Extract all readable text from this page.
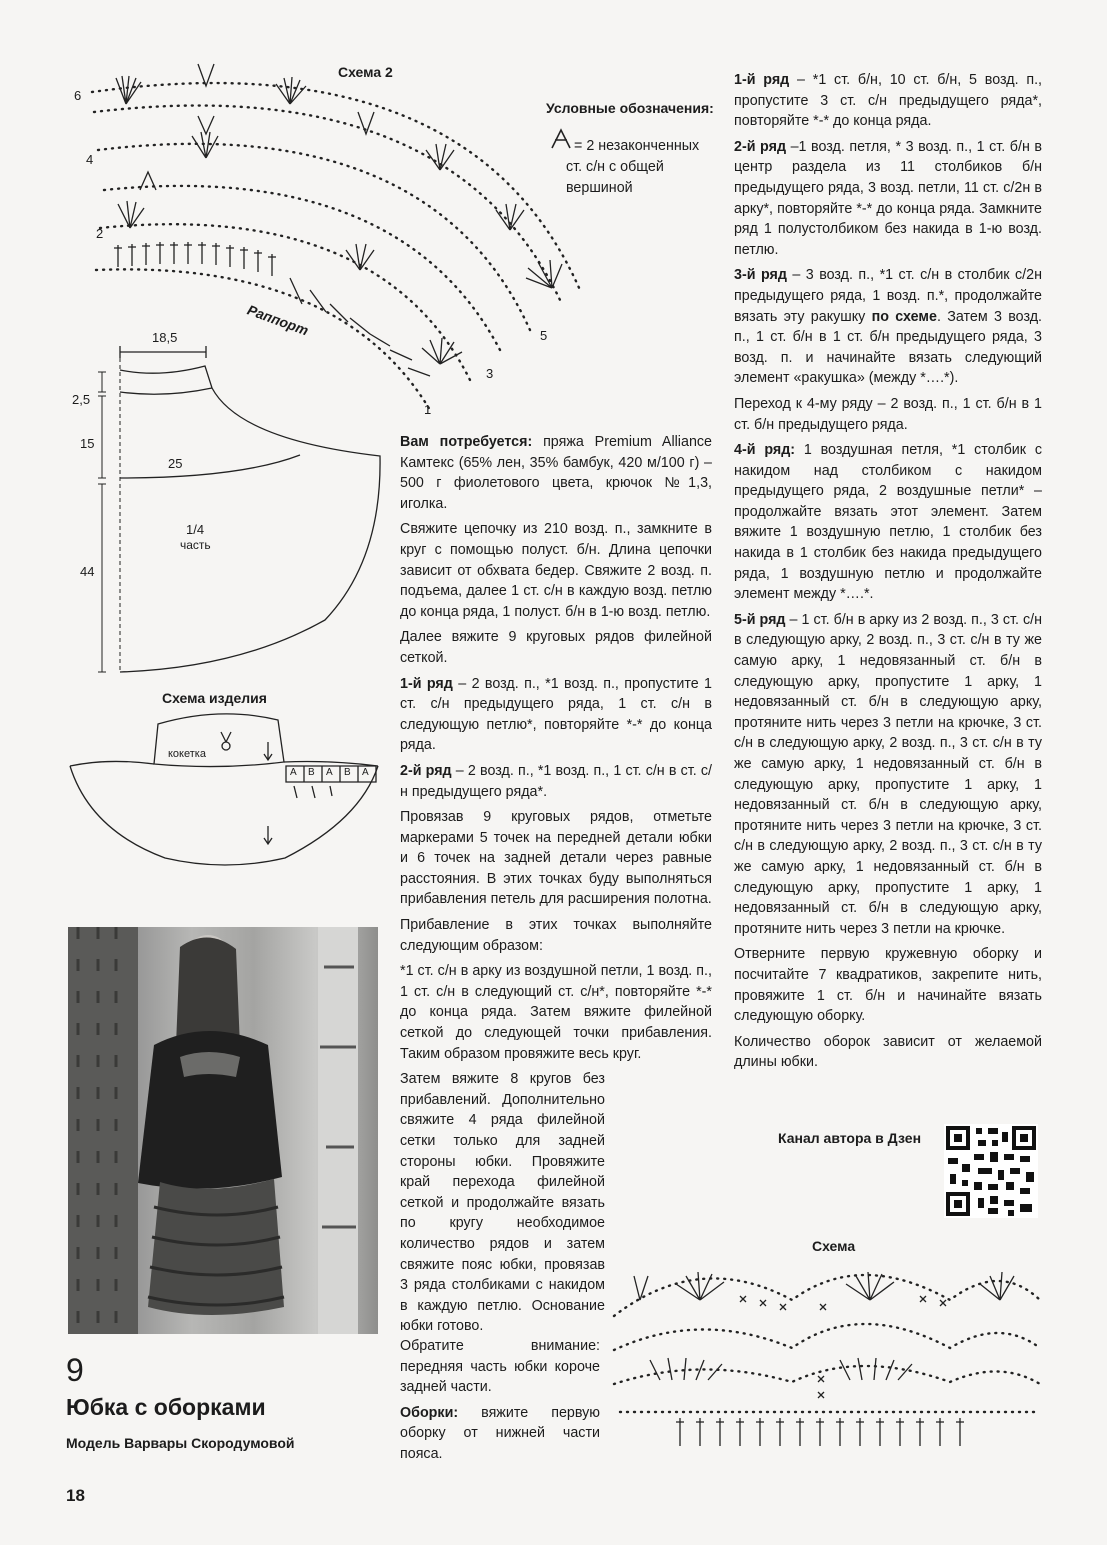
Схема 2
6
4
2
5
3
1
Раппорт
Условные обозначения:
= 2 незаконченных ст. с/н с общей вершиной
18,5
2,5
15
25
44
1/4
часть
Схема изделия
кокетка
A B A B A
9
Юбка с оборками
Модель Варвары Скородумовой
18

Вам потребуется: пряжа Premium Alliance Камтекс (65% лен, 35% бамбук, 420 м/100 г) – 500 г фиолетового цвета, крючок №1,3, иголка.

Свяжите цепочку из 210 возд. п., замкните в круг с помощью полуст. б/н. Длина цепочки зависит от обхвата бедер. Свяжите 2 возд. п. подъема, далее 1 ст. с/н в каждую возд. петлю до конца ряда, 1 полуст. б/н в 1-ю возд. петлю.

Далее вяжите 9 круговых рядов филейной сеткой.

1-й ряд – 2 возд. п., *1 возд. п., пропустите 1 ст. с/н предыдущего ряда, 1 ст. с/н в следующую петлю*, повторяйте *-* до конца ряда.

2-й ряд – 2 возд. п., *1 возд. п., 1 ст. с/н в ст. с/н предыдущего ряда*.

Провязав 9 круговых рядов, отметьте маркерами 5 точек на передней детали юбки и 6 точек на задней детали через равные расстояния. В этих точках буду выполняться прибавления петель для расширения полотна.

Прибавление в этих точках выполняйте следующим образом:

*1 ст. с/н в арку из воздушной петли, 1 возд. п., 1 ст. с/н в следующий ст. с/н*, повторяйте *-* до конца ряда. Затем вяжите филейной сеткой до следующей точки прибавления. Таким образом провяжите весь круг.

Затем вяжите 8 кругов без прибавлений. Дополнительно свяжите 4 ряда филейной сетки только для задней стороны юбки. Провяжите край перехода филейной сеткой и продолжайте вязать по кругу необходимое количество рядов и затем свяжите пояс юбки, провязав 3 ряда столбиками с накидом в каждую петлю. Основание юбки готово.

Обратите внимание: передняя часть юбки короче задней части.

Оборки: вяжите первую оборку от нижней части пояса.

1-й ряд – *1 ст. б/н, 10 ст. б/н, 5 возд. п., пропустите 3 ст. с/н предыдущего ряда*, повторяйте *-* до конца ряда.

2-й ряд –1 возд. петля, * 3 возд. п., 1 ст. б/н в центр раздела из 11 столбиков б/н предыдущего ряда, 3 возд. петли, 11 ст. с/2н в арку*, повторяйте *-* до конца ряда. Замкните ряд 1 полустолбиком без накида в 1-ю возд. петлю.

3-й ряд – 3 возд. п., *1 ст. с/н в столбик с/2н предыдущего ряда, 1 возд. п.*, продолжайте вязать эту ракушку по схеме. Затем 3 возд. п., 1 ст. б/н в 1 ст. б/н предыдущего ряда, 3 возд. п. и начинайте вязать следующий элемент «ракушка» (между *….*).

Переход к 4-му ряду – 2 возд. п., 1 ст. б/н в 1 ст. б/н предыдущего ряда.

4-й ряд: 1 воздушная петля, *1 столбик с накидом над столбиком с накидом предыдущего ряда, 2 воздушные петли* – продолжайте вязать этот элемент. Затем вяжите 1 воздушную петлю, 1 столбик без накида в 1 столбик без накида предыдущего ряда, 1 воздушную петлю и продолжайте элемент между *….*.

5-й ряд – 1 ст. б/н в арку из 2 возд. п., 3 ст. с/н в следующую арку, 2 возд. п., 3 ст. с/н в ту же самую арку, 1 недовязанный ст. б/н в следующую арку, пропустите 1 арку, 1 недовязанный ст. б/н в следующую арку, протяните нить через 3 петли на крючке, 3 ст. с/н в следующую арку, 2 возд. п., 3 ст. с/н в ту же самую арку, 1 недовязанный ст. б/н в следующую арку, пропустите 1 арку, 1 недовязанный ст. б/н в следующую арку, протяните нить через 3 петли на крючке, 3 ст. с/н в следующую арку, 2 возд. п., 3 ст. с/н в ту же самую арку, 1 недовязанный ст. б/н в следующую арку, пропустите 1 арку, 1 недовязанный ст. б/н в следующую арку, протяните нить через 3 петли на крючке.

Отверните первую кружевную оборку и посчитайте 7 квадратиков, закрепите нить, провяжите 1 ст. б/н и начинайте вязать следующую оборку.

Количество оборок зависит от желаемой длины юбки.

Канал автора в Дзен
Схема
